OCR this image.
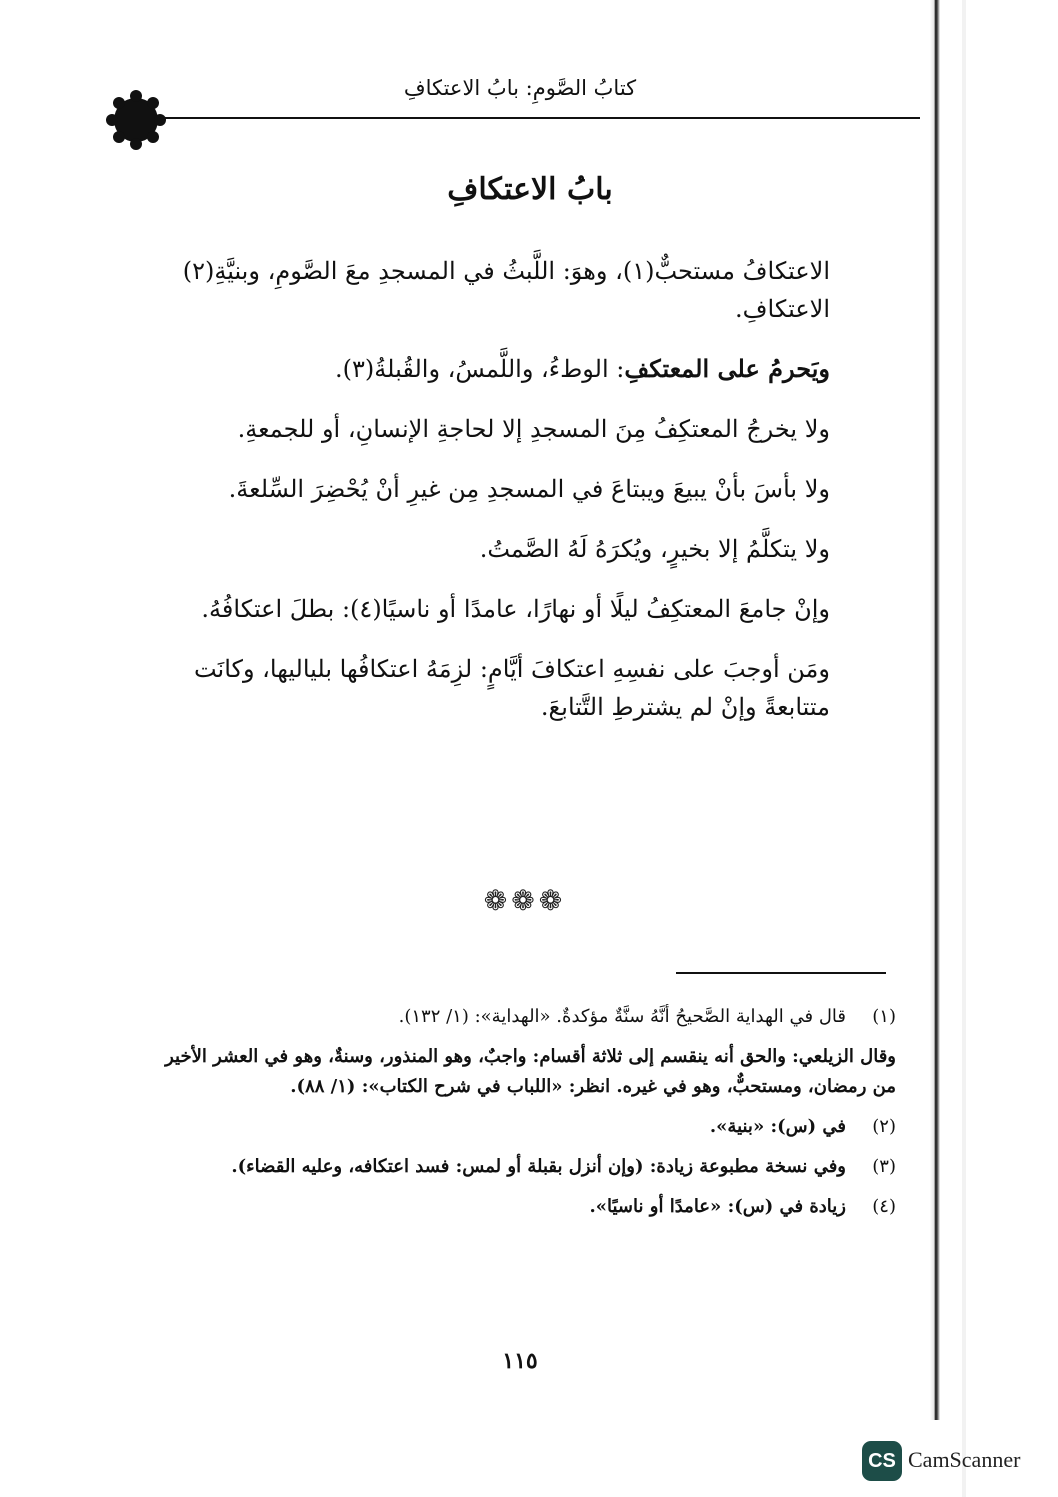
كتابُ الصَّومِ: بابُ الاعتكافِ
بابُ الاعتكافِ

الاعتكافُ مستحبٌّ(١)، وهوَ: اللَّبثُ في المسجدِ معَ الصَّومِ، وبنيَّةِ(٢) الاعتكافِ.

ويَحرمُ على المعتكفِ: الوطءُ، واللَّمسُ، والقُبلةُ(٣).

ولا يخرجُ المعتكِفُ مِنَ المسجدِ إلا لحاجةِ الإنسانِ، أو للجمعةِ.

ولا بأسَ بأنْ يبيعَ ويبتاعَ في المسجدِ مِن غيرِ أنْ يُحْضِرَ السِّلعةَ.

ولا يتكلَّمُ إلا بخيرٍ، ويُكرَهُ لَهُ الصَّمتُ.

وإنْ جامعَ المعتكِفُ ليلًا أو نهارًا، عامدًا أو ناسيًا(٤): بطلَ اعتكافُهُ.

ومَن أوجبَ على نفسِهِ اعتكافَ أيَّامٍ: لزِمَهُ اعتكافُها بلياليها، وكانَت متتابعةً وإنْ لم يشترطِ التَّتابعَ.

❁❁❁

(١)قال في الهداية الصَّحيحُ أنَّهُ سنَّةٌ مؤكدةٌ. «الهداية»: (١/ ١٣٢).

وقال الزيلعي: والحق أنه ينقسم إلى ثلاثة أقسام: واجبٌ، وهو المنذور، وسنةٌ، وهو في العشر الأخير من رمضان، ومستحبٌّ، وهو في غيره. انظر: «اللباب في شرح الكتاب»: (١/ ٨٨).

(٢)في (س): «بنية».

(٣)وفي نسخة مطبوعة زيادة: (وإن أنزل بقبلة أو لمس: فسد اعتكافه، وعليه القضاء).

(٤)زيادة في (س): «عامدًا أو ناسيًا».

١١٥
CS CamScanner
